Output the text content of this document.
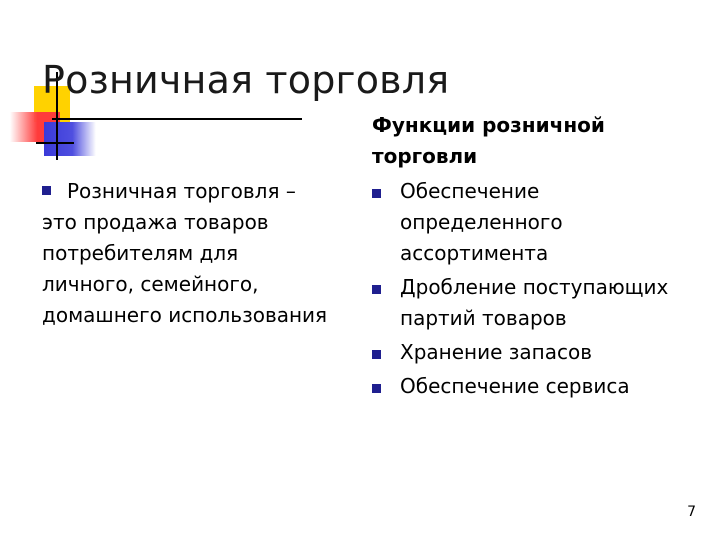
Розничная торговля
Розничная торговля –
это продажа товаров
потребителям для
личного, семейного,
домашнего использования
Функции розничной
торговли
Обеспечение
определенного
ассортимента
Дробление поступающих
партий товаров
Хранение запасов
Обеспечение сервиса
7
